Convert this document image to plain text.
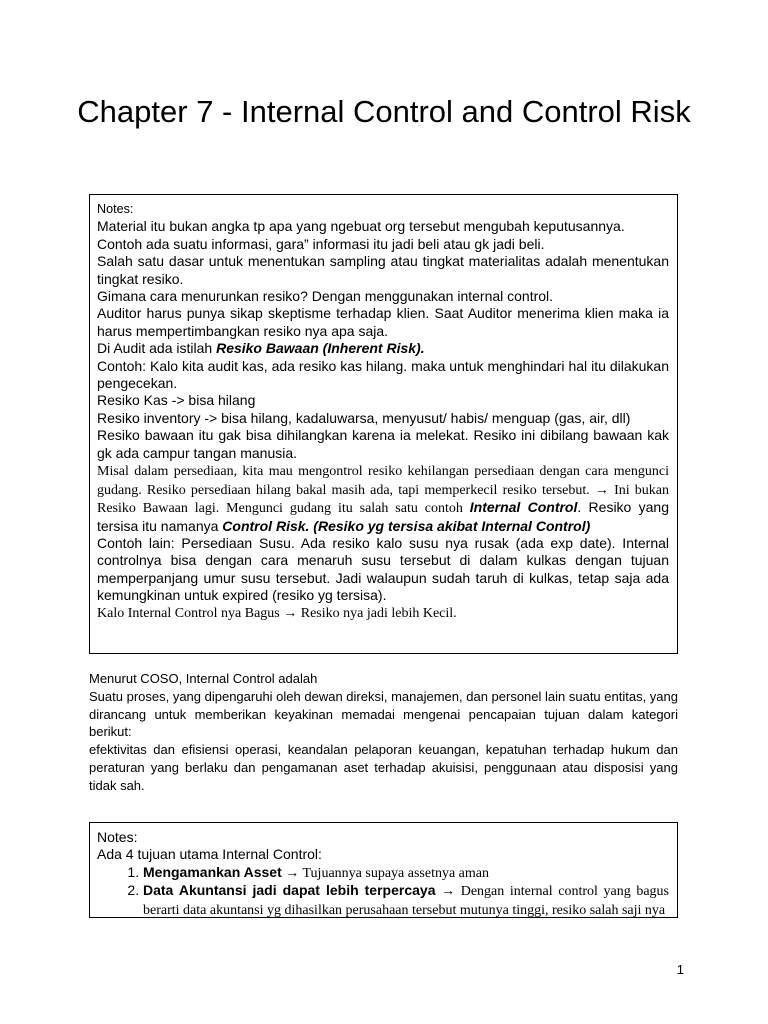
Chapter 7 - Internal Control and Control Risk

Notes:

Material itu bukan angka tp apa yang ngebuat org tersebut mengubah keputusannya.

Contoh ada suatu informasi, gara” informasi itu jadi beli atau gk jadi beli.

Salah satu dasar untuk menentukan sampling atau tingkat materialitas adalah menentukan tingkat resiko.

Gimana cara menurunkan resiko? Dengan menggunakan internal control.

Auditor harus punya sikap skeptisme terhadap klien. Saat Auditor menerima klien maka ia harus mempertimbangkan resiko nya apa saja.

Di Audit ada istilah Resiko Bawaan (Inherent Risk).

Contoh: Kalo kita audit kas, ada resiko kas hilang. maka untuk menghindari hal itu dilakukan pengecekan.

Resiko Kas -> bisa hilang

Resiko inventory -> bisa hilang, kadaluwarsa, menyusut/ habis/ menguap (gas, air, dll)

Resiko bawaan itu gak bisa dihilangkan karena ia melekat. Resiko ini dibilang bawaan kak gk ada campur tangan manusia.

Misal dalam persediaan, kita mau mengontrol resiko kehilangan persediaan dengan cara mengunci gudang. Resiko persediaan hilang bakal masih ada, tapi memperkecil resiko tersebut. → Ini bukan Resiko Bawaan lagi. Mengunci gudang itu salah satu contoh Internal Control. Resiko yang tersisa itu namanya Control Risk. (Resiko yg tersisa akibat Internal Control)

Contoh lain: Persediaan Susu. Ada resiko kalo susu nya rusak (ada exp date). Internal controlnya bisa dengan cara menaruh susu tersebut di dalam kulkas dengan tujuan memperpanjang umur susu tersebut. Jadi walaupun sudah taruh di kulkas, tetap saja ada kemungkinan untuk expired (resiko yg tersisa).

Kalo Internal Control nya Bagus → Resiko nya jadi lebih Kecil.

Menurut COSO, Internal Control adalah

Suatu proses, yang dipengaruhi oleh dewan direksi, manajemen, dan personel lain suatu entitas, yang dirancang untuk memberikan keyakinan memadai mengenai pencapaian tujuan dalam kategori berikut:

efektivitas dan efisiensi operasi, keandalan pelaporan keuangan, kepatuhan terhadap hukum dan peraturan yang berlaku dan pengamanan aset terhadap akuisisi, penggunaan atau disposisi yang tidak sah.

Notes:

Ada 4 tujuan utama Internal Control:

1. Mengamankan Asset → Tujuannya supaya assetnya aman
2. Data Akuntansi jadi dapat lebih terpercaya → Dengan internal control yang bagus berarti data akuntansi yg dihasilkan perusahaan tersebut mutunya tinggi, resiko salah saji nya
1
